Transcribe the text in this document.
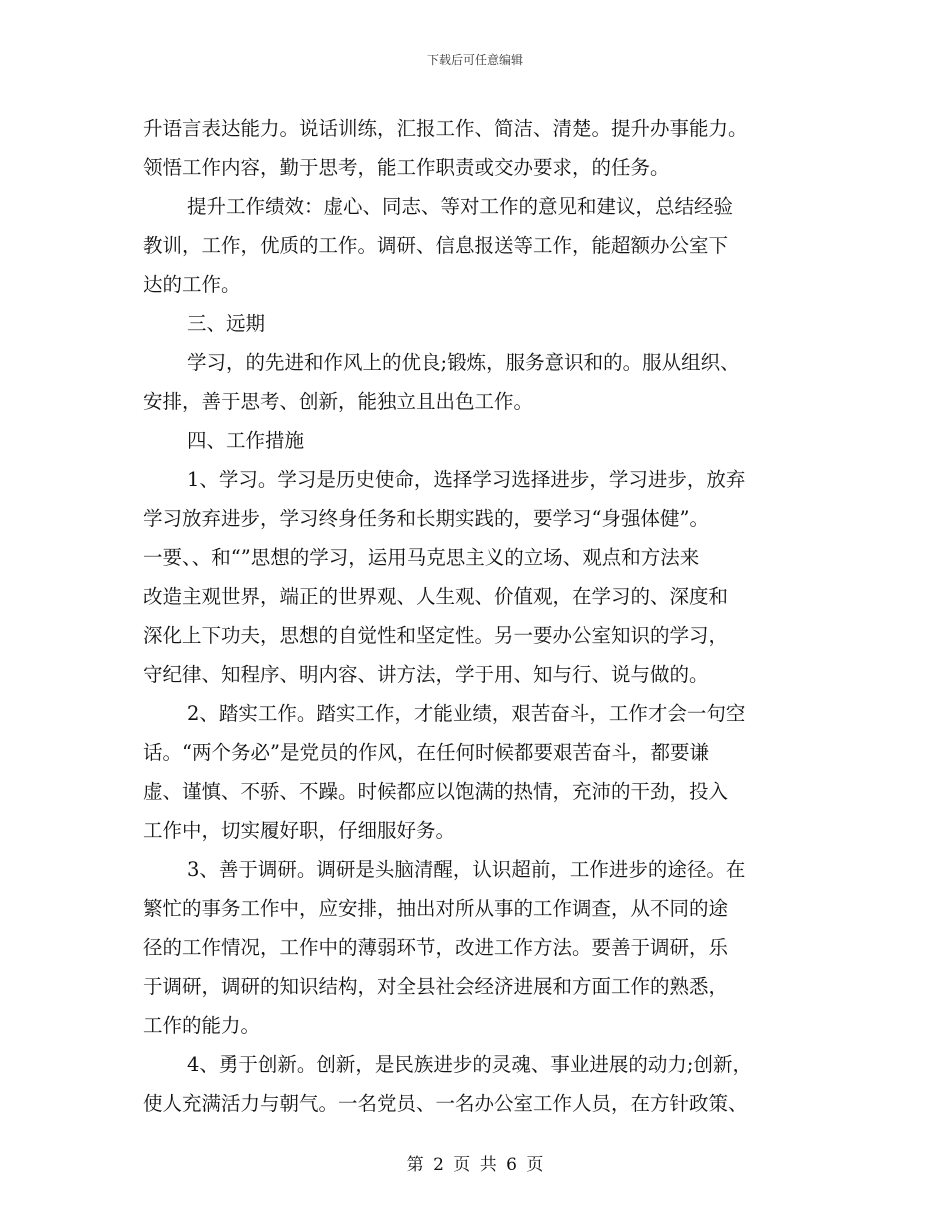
下载后可任意编辑
升语言表达能力。说话训练，汇报工作、简洁、清楚。提升办事能力。
领悟工作内容，勤于思考，能工作职责或交办要求，的任务。
提升工作绩效：虚心、同志、等对工作的意见和建议，总结经验
教训，工作，优质的工作。调研、信息报送等工作，能超额办公室下
达的工作。
三、远期
学习，的先进和作风上的优良;锻炼，服务意识和的。服从组织、
安排，善于思考、创新，能独立且出色工作。
四、工作措施
1、学习。学习是历史使命，选择学习选择进步，学习进步，放弃
学习放弃进步，学习终身任务和长期实践的，要学习“身强体健”。
一要、、和“”思想的学习，运用马克思主义的立场、观点和方法来
改造主观世界，端正的世界观、人生观、价值观，在学习的、深度和
深化上下功夫，思想的自觉性和坚定性。另一要办公室知识的学习，
守纪律、知程序、明内容、讲方法，学于用、知与行、说与做的。
2、踏实工作。踏实工作，才能业绩，艰苦奋斗，工作才会一句空
话。“两个务必”是党员的作风，在任何时候都要艰苦奋斗，都要谦
虚、谨慎、不骄、不躁。时候都应以饱满的热情，充沛的干劲，投入
工作中，切实履好职，仔细服好务。
3、善于调研。调研是头脑清醒，认识超前，工作进步的途径。在
繁忙的事务工作中，应安排，抽出对所从事的工作调查，从不同的途
径的工作情况，工作中的薄弱环节，改进工作方法。要善于调研，乐
于调研，调研的知识结构，对全县社会经济进展和方面工作的熟悉，
工作的能力。
4、勇于创新。创新，是民族进步的灵魂、事业进展的动力;创新，
使人充满活力与朝气。一名党员、一名办公室工作人员，在方针政策、
第 2 页 共 6 页
